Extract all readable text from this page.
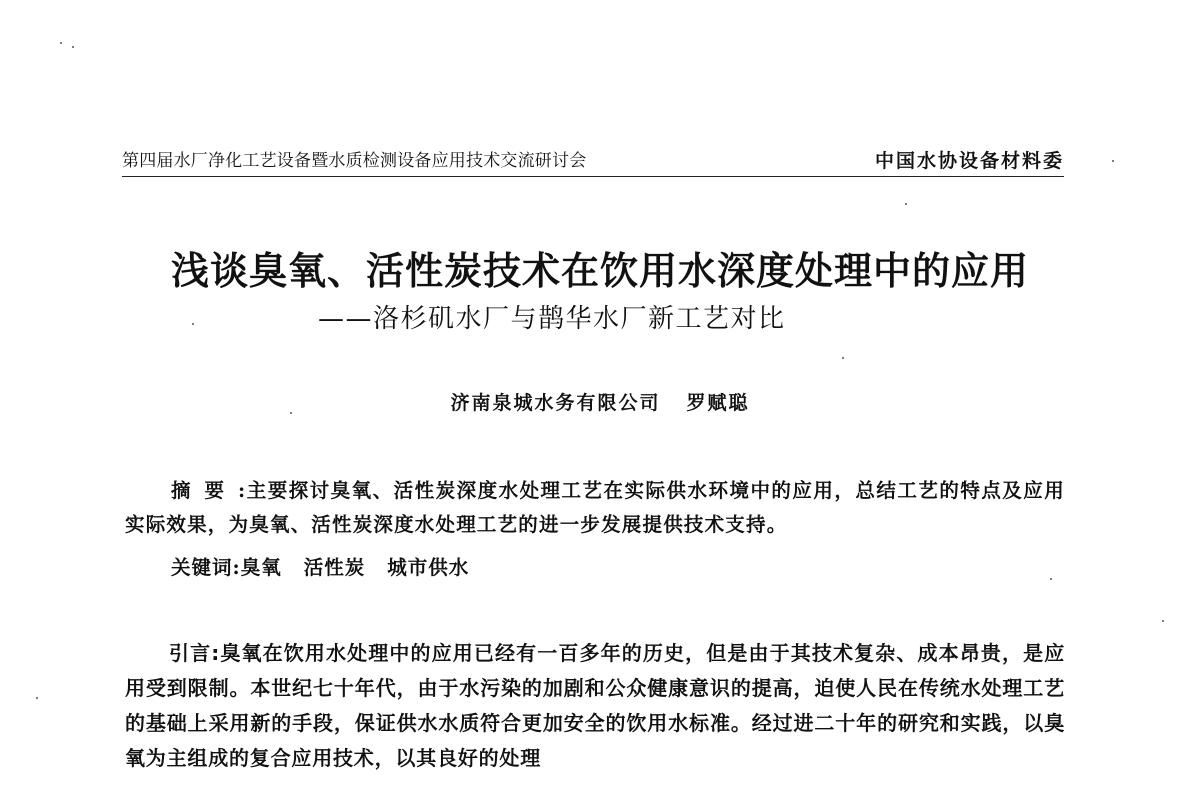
第四届水厂净化工艺设备暨水质检测设备应用技术交流研讨会	中国水协设备材料委
浅谈臭氧、活性炭技术在饮用水深度处理中的应用
——洛杉矶水厂与鹊华水厂新工艺对比
济南泉城水务有限公司 罗赋聪
摘要:主要探讨臭氧、活性炭深度水处理工艺在实际供水环境中的应用，总结工艺的特点及应用实际效果，为臭氧、活性炭深度水处理工艺的进一步发展提供技术支持。
关键词:臭氧 活性炭 城市供水
引言:臭氧在饮用水处理中的应用已经有一百多年的历史，但是由于其技术复杂、成本昂贵，是应用受到限制。本世纪七十年代，由于水污染的加剧和公众健康意识的提高，迫使人民在传统水处理工艺的基础上采用新的手段，保证供水水质符合更加安全的饮用水标准。经过进二十年的研究和实践，以臭氧为主组成的复合应用技术，以其良好的处理
